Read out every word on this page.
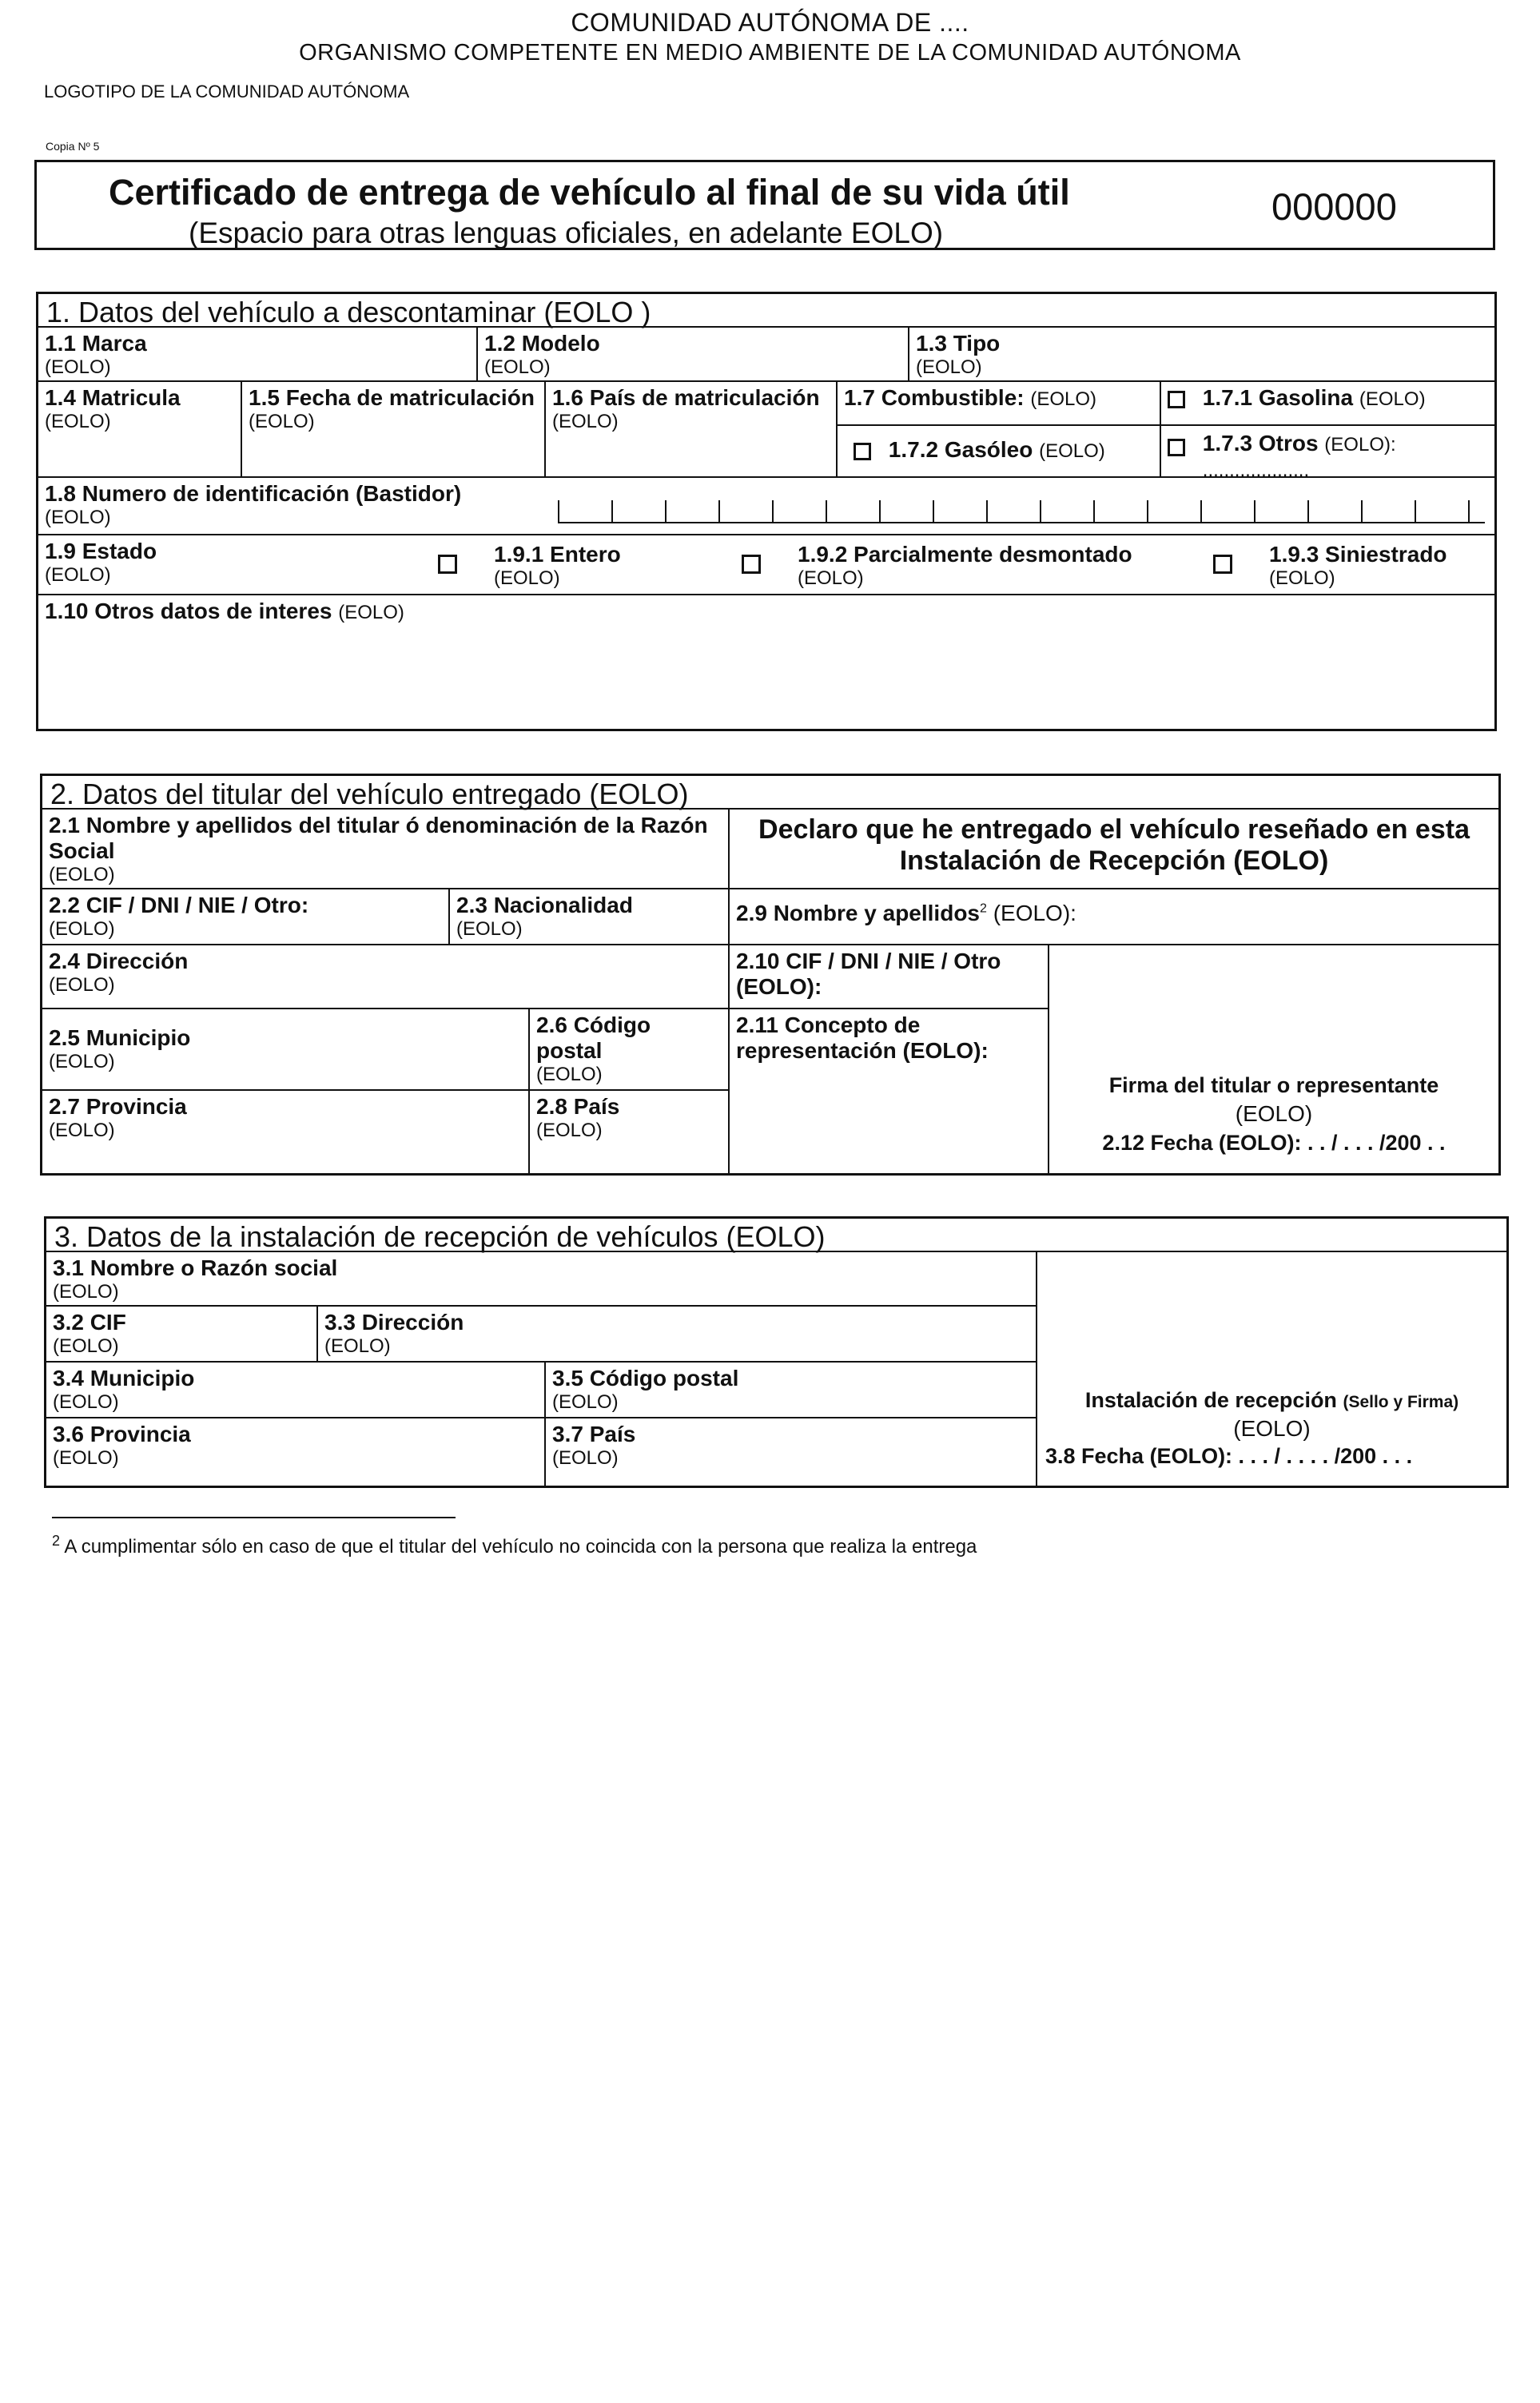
COMUNIDAD AUTÓNOMA DE ....
ORGANISMO COMPETENTE EN MEDIO AMBIENTE DE LA COMUNIDAD AUTÓNOMA
LOGOTIPO DE LA COMUNIDAD AUTÓNOMA
Copia Nº 5
Certificado de entrega de vehículo al final de su vida útil
(Espacio para otras lenguas oficiales, en adelante EOLO)
000000
1. Datos del vehículo a descontaminar (EOLO )
1.1 Marca
(EOLO)
1.2 Modelo
(EOLO)
1.3 Tipo
(EOLO)
1.4 Matricula
(EOLO)
1.5 Fecha de matriculación
(EOLO)
1.6 País de matriculación
(EOLO)
1.7 Combustible: (EOLO)	1.7.1 Gasolina (EOLO)
1.7.2 Gasóleo (EOLO)	1.7.3 Otros (EOLO):
....................
1.8 Numero de identificación (Bastidor)
(EOLO)
1.9 Estado
(EOLO)
1.9.1 Entero
(EOLO)
1.9.2 Parcialmente desmontado
(EOLO)
1.9.3 Siniestrado
(EOLO)
1.10 Otros datos de interes (EOLO)
2. Datos del titular del vehículo entregado (EOLO)
2.1 Nombre y apellidos del titular ó denominación de la Razón Social
(EOLO)
Declaro que he entregado el vehículo reseñado en esta Instalación de Recepción (EOLO)
2.2 CIF / DNI / NIE / Otro:
(EOLO)
2.3 Nacionalidad
(EOLO)
2.9 Nombre y apellidos$^2$ (EOLO):
2.4 Dirección
(EOLO)
2.10 CIF / DNI / NIE / Otro (EOLO):
2.5 Municipio
(EOLO)
2.6 Código postal
(EOLO)
2.11 Concepto de representación (EOLO):
2.7 Provincia
(EOLO)
2.8 País
(EOLO)
Firma del titular o representante
(EOLO)
2.12 Fecha (EOLO): . . / . . . /200 . .
3. Datos de la instalación de recepción de vehículos (EOLO)
3.1 Nombre o Razón social
(EOLO)
3.2 CIF
(EOLO)
3.3 Dirección
(EOLO)
3.4 Municipio
(EOLO)
3.5 Código postal
(EOLO)
3.6 Provincia
(EOLO)
3.7 País
(EOLO)
Instalación de recepción (Sello y Firma)
(EOLO)
3.8 Fecha (EOLO): . . . / . . . . /200 . . .
$^2$ A cumplimentar sólo en caso de que el titular del vehículo no coincida con la persona que realiza la entrega
